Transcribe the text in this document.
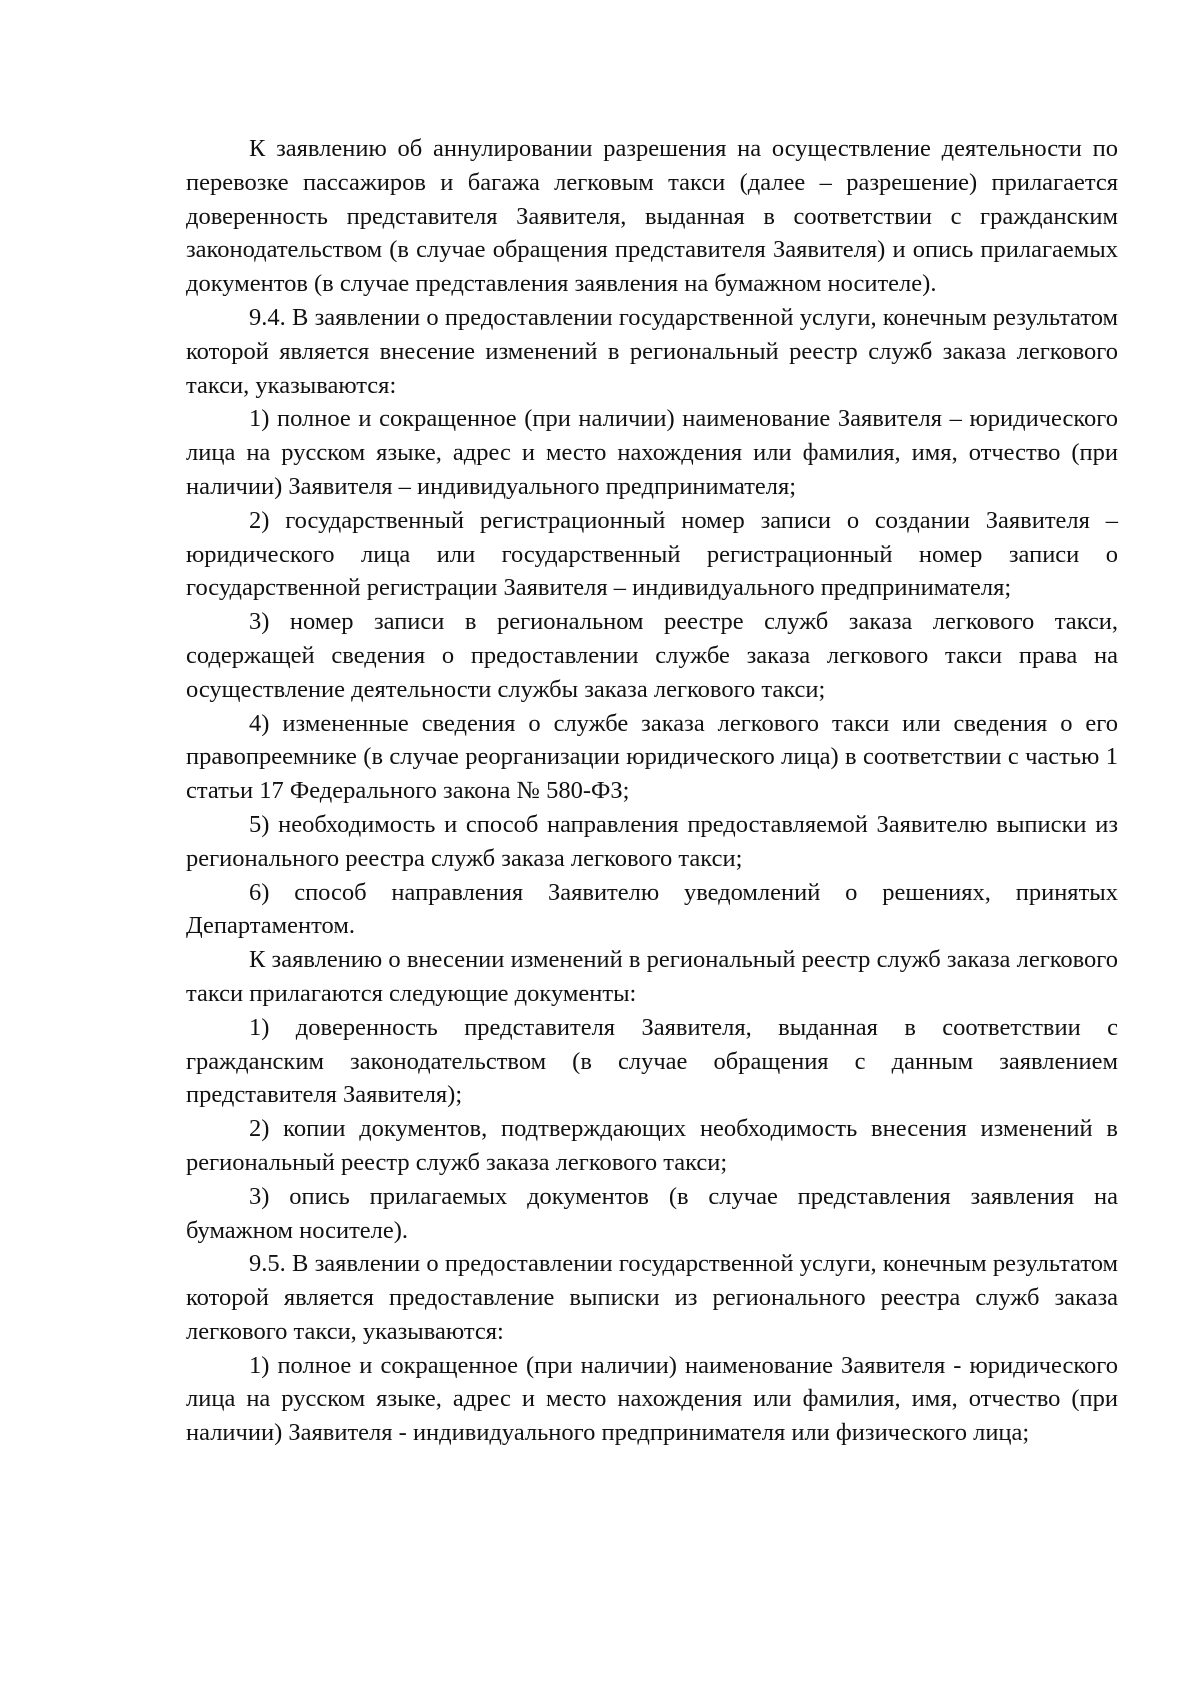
К заявлению об аннулировании разрешения на осуществление деятельности по перевозке пассажиров и багажа легковым такси (далее – разрешение) прилагается доверенность представителя Заявителя, выданная в соответствии с гражданским законодательством (в случае обращения представителя Заявителя) и опись прилагаемых документов (в случае представления заявления на бумажном носителе).

9.4. В заявлении о предоставлении государственной услуги, конечным результатом которой является внесение изменений в региональный реестр служб заказа легкового такси, указываются:

1) полное и сокращенное (при наличии) наименование Заявителя – юридического лица на русском языке, адрес и место нахождения или фамилия, имя, отчество (при наличии) Заявителя – индивидуального предпринимателя;

2) государственный регистрационный номер записи о создании Заявителя – юридического лица или государственный регистрационный номер записи о государственной регистрации Заявителя – индивидуального предпринимателя;

3) номер записи в региональном реестре служб заказа легкового такси, содержащей сведения о предоставлении службе заказа легкового такси права на осуществление деятельности службы заказа легкового такси;

4) измененные сведения о службе заказа легкового такси или сведения о его правопреемнике (в случае реорганизации юридического лица) в соответствии с частью 1 статьи 17 Федерального закона № 580-ФЗ;

5) необходимость и способ направления предоставляемой Заявителю выписки из регионального реестра служб заказа легкового такси;

6) способ направления Заявителю уведомлений о решениях, принятых Департаментом.

К заявлению о внесении изменений в региональный реестр служб заказа легкового такси прилагаются следующие документы:

1) доверенность представителя Заявителя, выданная в соответствии с гражданским законодательством (в случае обращения с данным заявлением представителя Заявителя);

2) копии документов, подтверждающих необходимость внесения изменений в региональный реестр служб заказа легкового такси;

3) опись прилагаемых документов (в случае представления заявления на бумажном носителе).

9.5. В заявлении о предоставлении государственной услуги, конечным результатом которой является предоставление выписки из регионального реестра служб заказа легкового такси, указываются:

1) полное и сокращенное (при наличии) наименование Заявителя - юридического лица на русском языке, адрес и место нахождения или фамилия, имя, отчество (при наличии) Заявителя - индивидуального предпринимателя или физического лица;
